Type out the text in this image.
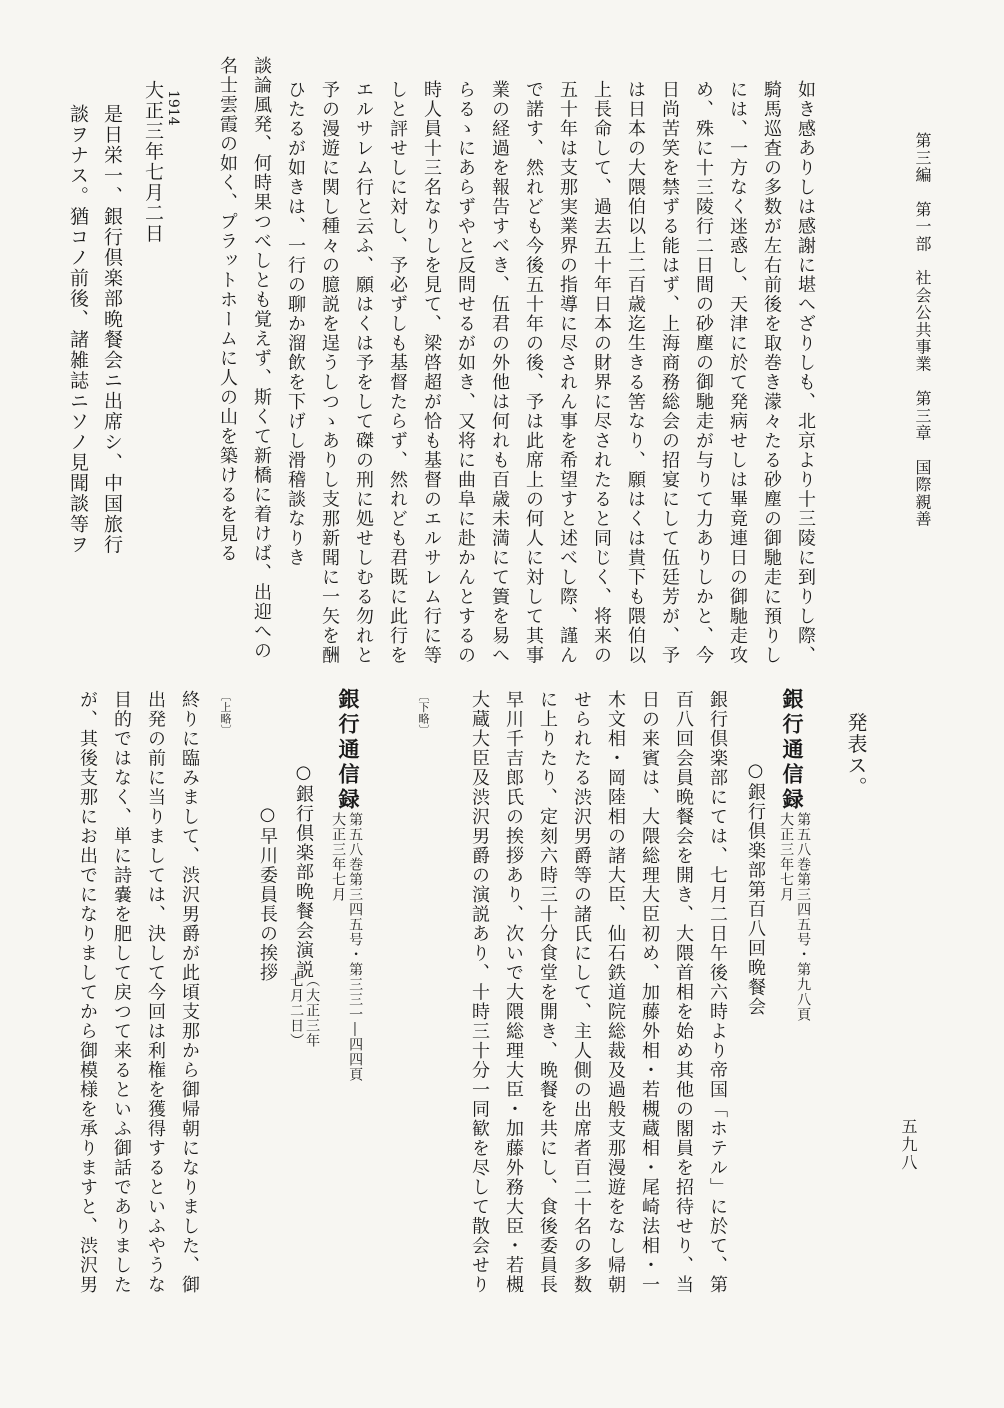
第三編　第一部　社会公共事業　第三章　国際親善
五九八
如き感ありしは感謝に堪へざりしも、北京より十三陵に到りし際、
騎馬巡査の多数が左右前後を取巻き濛々たる砂塵の御馳走に預りし
には、一方なく迷惑し、天津に於て発病せしは畢竟連日の御馳走攻
め、殊に十三陵行二日間の砂塵の御馳走が与りて力ありしかと、今
日尚苦笑を禁ずる能はず、上海商務総会の招宴にして伍廷芳が、予
は日本の大隈伯以上二百歳迄生きる筈なり、願はくは貴下も隈伯以
上長命して、過去五十年日本の財界に尽されたると同じく、将来の
五十年は支那実業界の指導に尽されん事を希望すと述べし際、謹ん
で諾す、然れども今後五十年の後、予は此席上の何人に対して其事
業の経過を報告すべき、伍君の外他は何れも百歳未満にて簀を易へ
らるゝにあらずやと反問せるが如き、又将に曲阜に赴かんとするの
時人員十三名なりしを見て、梁啓超が恰も基督のエルサレム行に等
しと評せしに対し、予必ずしも基督たらず、然れども君既に此行を
エルサレム行と云ふ、願はくは予をして磔の刑に処せしむる勿れと
予の漫遊に関し種々の臆説を逞うしつゝありし支那新聞に一矢を酬
ひたるが如きは、一行の聊か溜飲を下げし滑稽談なりき
談論風発、何時果つべしとも覚えず、斯くて新橋に着けば、出迎への
名士雲霞の如く、プラットホームに人の山を築けるを見る
1914
大正三年七月二日
是日栄一、銀行倶楽部晩餐会ニ出席シ、中国旅行
談ヲナス。猶コノ前後、諸雑誌ニソノ見聞談等ヲ
発表ス。
銀行通信録
第五八巻第三四五号・第九八頁
大正三年七月
○銀行倶楽部第百八回晩餐会
銀行倶楽部にては、七月二日午後六時より帝国「ホテル」に於て、第
百八回会員晩餐会を開き、大隈首相を始め其他の閣員を招待せり、当
日の来賓は、大隈総理大臣初め、加藤外相・若槻蔵相・尾崎法相・一
木文相・岡陸相の諸大臣、仙石鉄道院総裁及過般支那漫遊をなし帰朝
せられたる渋沢男爵等の諸氏にして、主人側の出席者百二十名の多数
に上りたり、定刻六時三十分食堂を開き、晩餐を共にし、食後委員長
早川千吉郎氏の挨拶あり、次いで大隈総理大臣・加藤外務大臣・若槻
大蔵大臣及渋沢男爵の演説あり、十時三十分一同歓を尽して散会せり
〔下略〕
銀行通信録
第五八巻第三四五号・第三三一―四四頁
大正三年七月
○銀行倶楽部晩餐会演説
（大正三年
七月二日）
○早川委員長の挨拶
〔上略〕
終りに臨みまして、渋沢男爵が此頃支那から御帰朝になりました、御
出発の前に当りましては、決して今回は利権を獲得するといふやうな
目的ではなく、単に詩嚢を肥して戻つて来るといふ御話でありました
が、其後支那にお出でになりましてから御模様を承りますと、渋沢男
